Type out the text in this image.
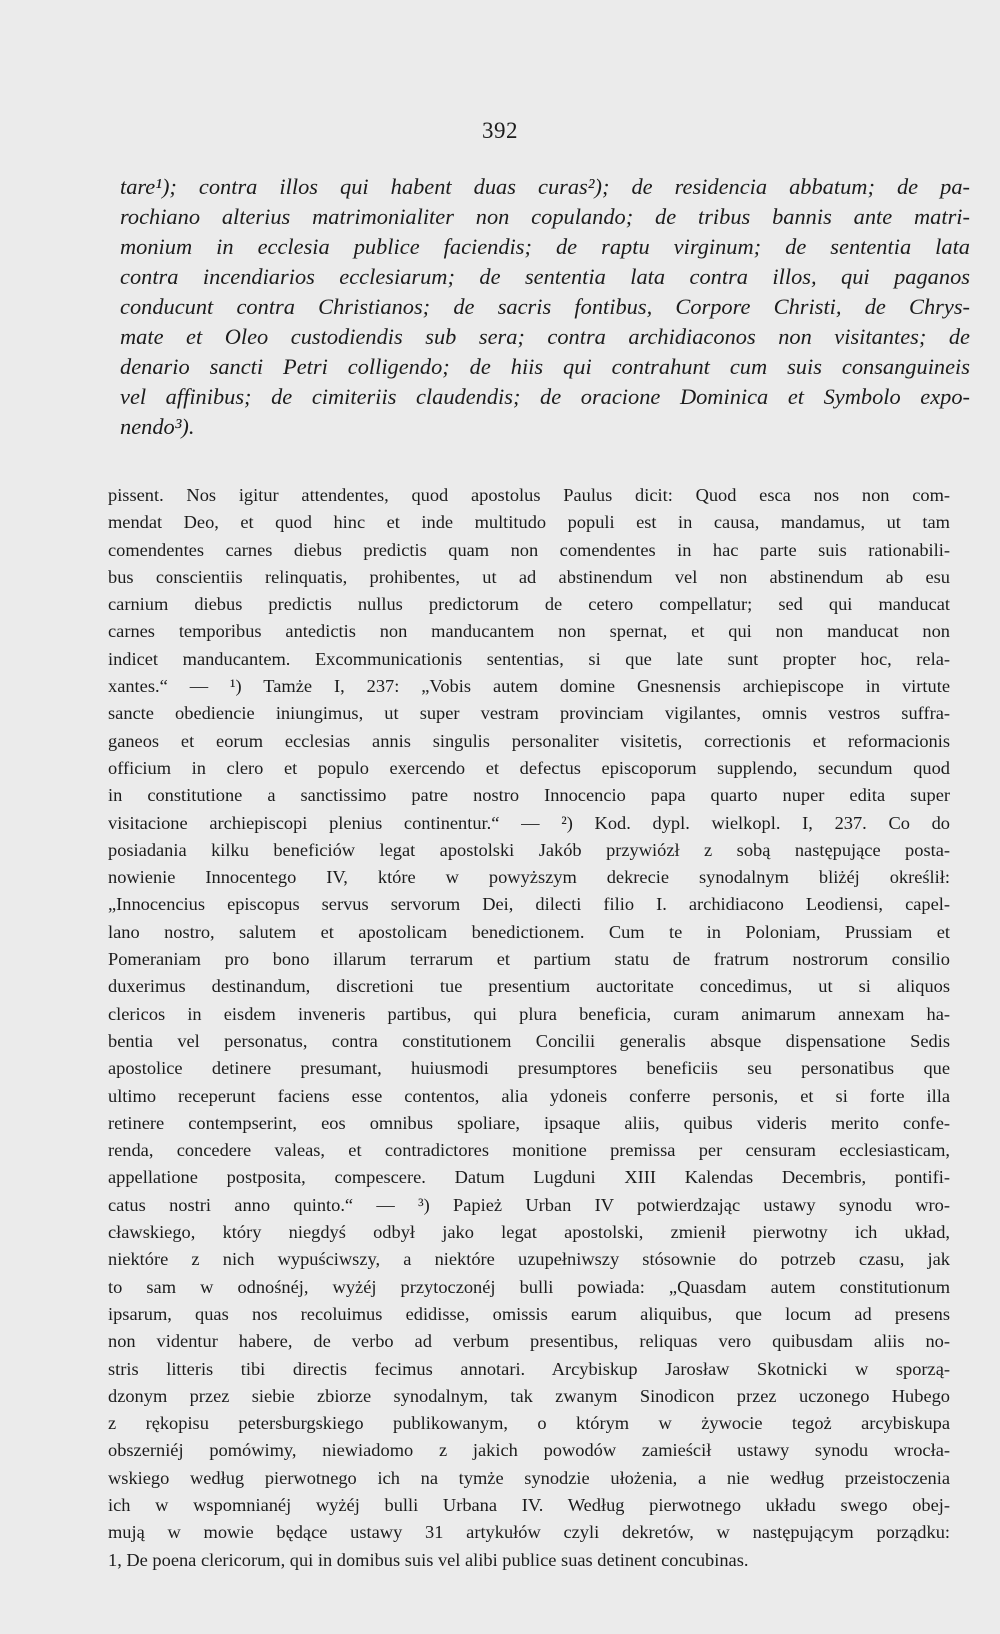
392
tare¹); contra illos qui habent duas curas²); de residencia abbatum; de pa-
rochiano alterius matrimonialiter non copulando; de tribus bannis ante matri-
monium in ecclesia publice faciendis; de raptu virginum; de sententia lata
contra incendiarios ecclesiarum; de sententia lata contra illos, qui paganos
conducunt contra Christianos; de sacris fontibus, Corpore Christi, de Chrys-
mate et Oleo custodiendis sub sera; contra archidiaconos non visitantes; de
denario sancti Petri colligendo; de hiis qui contrahunt cum suis consanguineis
vel affinibus; de cimiteriis claudendis; de oracione Dominica et Symbolo expo-
nendo³).
pissent. Nos igitur attendentes, quod apostolus Paulus dicit: Quod esca nos non com-
mendat Deo, et quod hinc et inde multitudo populi est in causa, mandamus, ut tam
comendentes carnes diebus predictis quam non comendentes in hac parte suis rationabili-
bus conscientiis relinquatis, prohibentes, ut ad abstinendum vel non abstinendum ab esu
carnium diebus predictis nullus predictorum de cetero compellatur; sed qui manducat
carnes temporibus antedictis non manducantem non spernat, et qui non manducat non
indicet manducantem. Excommunicationis sententias, si que late sunt propter hoc, rela-
xantes.“ — ¹) Tamże I, 237: „Vobis autem domine Gnesnensis archiepiscope in virtute
sancte obediencie iniungimus, ut super vestram provinciam vigilantes, omnis vestros suffra-
ganeos et eorum ecclesias annis singulis personaliter visitetis, correctionis et reformacionis
officium in clero et populo exercendo et defectus episcoporum supplendo, secundum quod
in constitutione a sanctissimo patre nostro Innocencio papa quarto nuper edita super
visitacione archiepiscopi plenius continentur.“ — ²) Kod. dypl. wielkopl. I, 237. Co do
posiadania kilku beneficiów legat apostolski Jakób przywiózł z sobą następujące posta-
nowienie Innocentego IV, które w powyższym dekrecie synodalnym bliżéj określił:
„Innocencius episcopus servus servorum Dei, dilecti filio I. archidiacono Leodiensi, capel-
lano nostro, salutem et apostolicam benedictionem. Cum te in Poloniam, Prussiam et
Pomeraniam pro bono illarum terrarum et partium statu de fratrum nostrorum consilio
duxerimus destinandum, discretioni tue presentium auctoritate concedimus, ut si aliquos
clericos in eisdem inveneris partibus, qui plura beneficia, curam animarum annexam ha-
bentia vel personatus, contra constitutionem Concilii generalis absque dispensatione Sedis
apostolice detinere presumant, huiusmodi presumptores beneficiis seu personatibus que
ultimo receperunt faciens esse contentos, alia ydoneis conferre personis, et si forte illa
retinere contempserint, eos omnibus spoliare, ipsaque aliis, quibus videris merito confe-
renda, concedere valeas, et contradictores monitione premissa per censuram ecclesiasticam,
appellatione postposita, compescere. Datum Lugduni XIII Kalendas Decembris, pontifi-
catus nostri anno quinto.“ — ³) Papież Urban IV potwierdzając ustawy synodu wro-
cławskiego, który niegdyś odbył jako legat apostolski, zmienił pierwotny ich układ,
niektóre z nich wypuściwszy, a niektóre uzupełniwszy stósownie do potrzeb czasu, jak
to sam w odnośnéj, wyżéj przytoczonéj bulli powiada: „Quasdam autem constitutionum
ipsarum, quas nos recoluimus edidisse, omissis earum aliquibus, que locum ad presens
non videntur habere, de verbo ad verbum presentibus, reliquas vero quibusdam aliis no-
stris litteris tibi directis fecimus annotari. Arcybiskup Jarosław Skotnicki w sporzą-
dzonym przez siebie zbiorze synodalnym, tak zwanym Sinodicon przez uczonego Hubego
z rękopisu petersburgskiego publikowanym, o którym w żywocie tegoż arcybiskupa
obszerniéj pomówimy, niewiadomo z jakich powodów zamieścił ustawy synodu wrocła-
wskiego według pierwotnego ich na tymże synodzie ułożenia, a nie według przeistoczenia
ich w wspomnianéj wyżéj bulli Urbana IV. Według pierwotnego układu swego obej-
mują w mowie będące ustawy 31 artykułów czyli dekretów, w następującym porządku:
1, De poena clericorum, qui in domibus suis vel alibi publice suas detinent concubinas.
